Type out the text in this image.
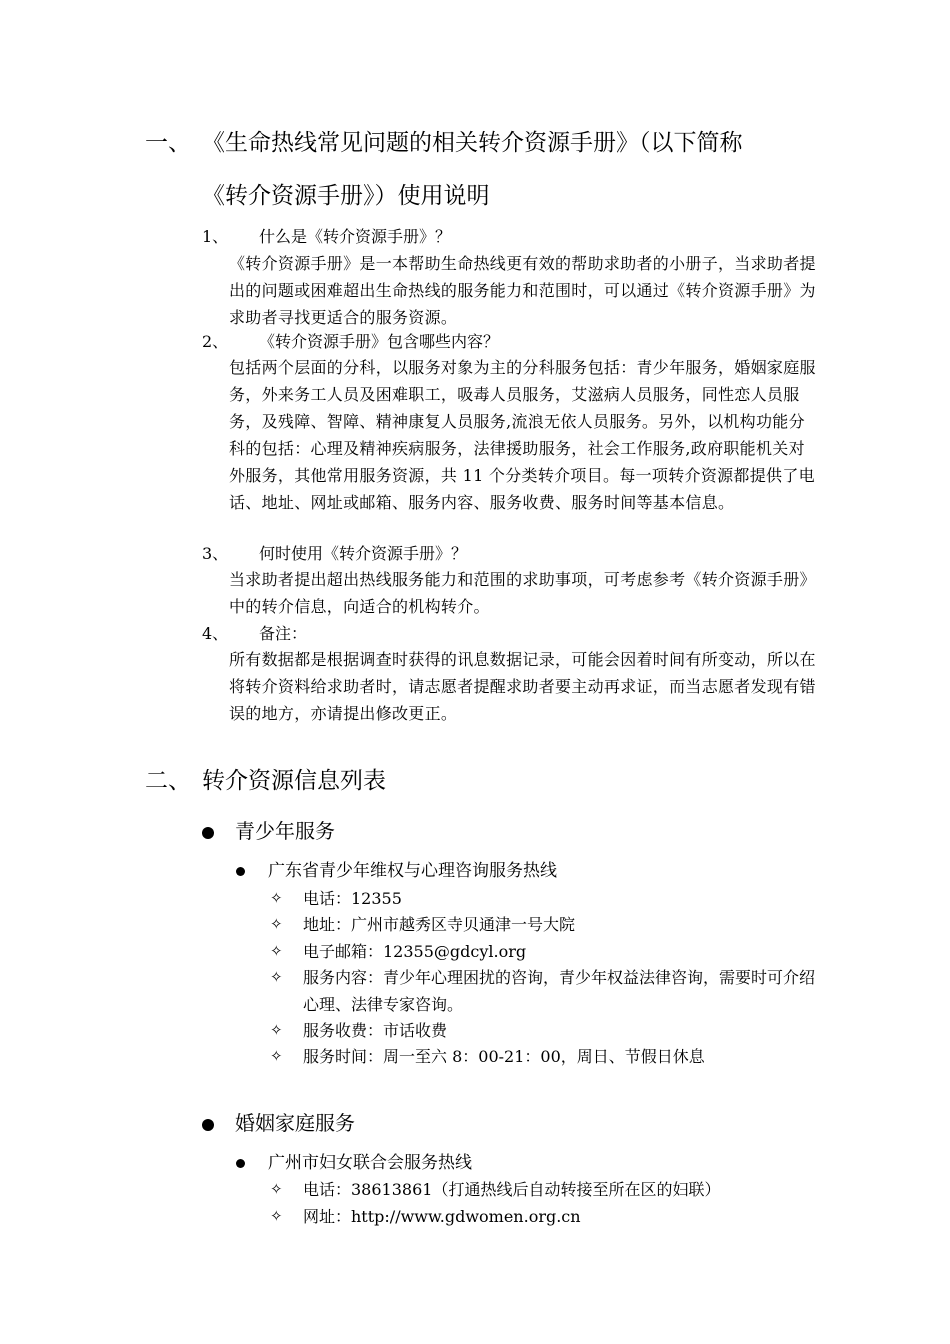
一、 《生命热线常见问题的相关转介资源手册》（以下简称
《转介资源手册》）使用说明
1、 什么是《转介资源手册》？
《转介资源手册》是一本帮助生命热线更有效的帮助求助者的小册子，当求助者提出的问题或困难超出生命热线的服务能力和范围时，可以通过《转介资源手册》为求助者寻找更适合的服务资源。
2、 《转介资源手册》包含哪些内容？
包括两个层面的分科，以服务对象为主的分科服务包括：青少年服务，婚姻家庭服务，外来务工人员及困难职工，吸毒人员服务，艾滋病人员服务，同性恋人员服务，及残障、智障、精神康复人员服务,流浪无依人员服务。另外，以机构功能分科的包括：心理及精神疾病服务，法律援助服务，社会工作服务,政府职能机关对外服务，其他常用服务资源，共 11 个分类转介项目。每一项转介资源都提供了电话、地址、网址或邮箱、服务内容、服务收费、服务时间等基本信息。
3、 何时使用《转介资源手册》？
当求助者提出超出热线服务能力和范围的求助事项，可考虑参考《转介资源手册》中的转介信息，向适合的机构转介。
4、 备注：
所有数据都是根据调查时获得的讯息数据记录，可能会因着时间有所变动，所以在将转介资料给求助者时，请志愿者提醒求助者要主动再求证，而当志愿者发现有错误的地方，亦请提出修改更正。
二、 转介资源信息列表
青少年服务
广东省青少年维权与心理咨询服务热线
✧ 电话：12355
✧ 地址：广州市越秀区寺贝通津一号大院
✧ 电子邮箱：12355@gdcyl.org
✧ 服务内容：青少年心理困扰的咨询，青少年权益法律咨询，需要时可介绍心理、法律专家咨询。
✧ 服务收费：市话收费
✧ 服务时间：周一至六 8：00-21：00，周日、节假日休息
婚姻家庭服务
广州市妇女联合会服务热线
✧ 电话：38613861（打通热线后自动转接至所在区的妇联）
✧ 网址：http://www.gdwomen.org.cn
